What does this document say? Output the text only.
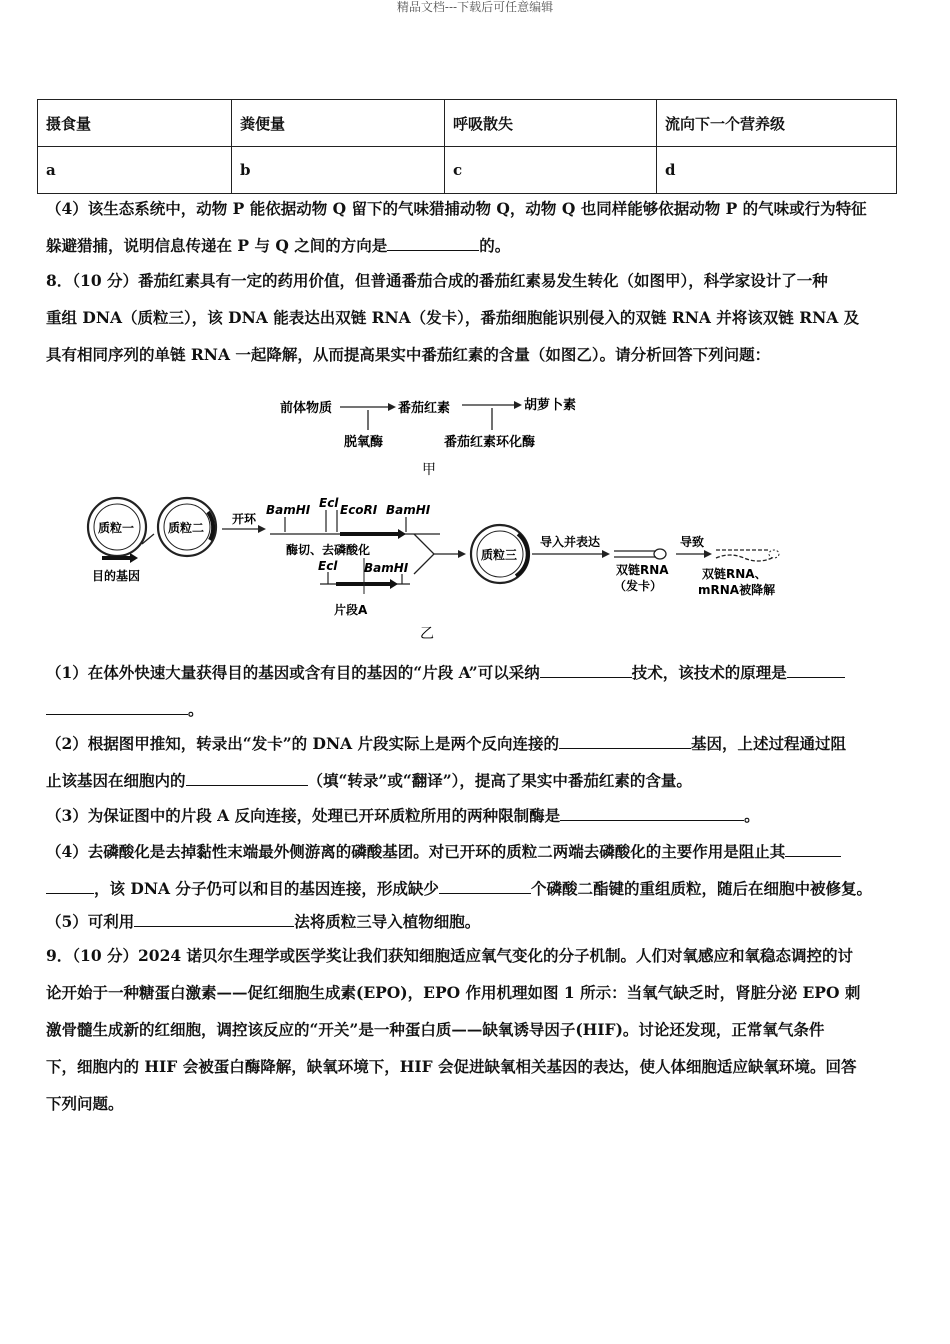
精品文档---下载后可任意编辑
摄食量	粪便量	呼吸散失	流向下一个营养级
a	b	c	d
（4）该生态系统中，动物 P 能依据动物 Q 留下的气味猎捕动物 Q，动物 Q 也同样能够依据动物 P 的气味或行为特征
躲避猎捕，说明信息传递在 P 与 Q 之间的方向是	的。
8．（10 分）番茄红素具有一定的药用价值，但普通番茄合成的番茄红素易发生转化（如图甲），科学家设计了一种
重组 DNA（质粒三），该 DNA 能表达出双链 RNA（发卡），番茄细胞能识别侵入的双链 RNA 并将该双链 RNA 及
具有相同序列的单链 RNA 一起降解，从而提高果实中番茄红素的含量（如图乙）。请分析回答下列问题：
前体物质	番茄红素	胡萝卜素
脱氧酶	番茄红素环化酶
甲
质粒一
目的基因
质粒二
开环
BamHI Ecl EcoRI BamHI
酶切、去磷酸化
Ecl BamHI
片段A
质粒三
导入并表达
双链RNA
（发卡）
导致
双链RNA、
mRNA被降解
乙
（1）在体外快速大量获得目的基因或含有目的基因的“片段 A”可以采纳	技术，该技术的原理是
。
（2）根据图甲推知，转录出“发卡”的 DNA 片段实际上是两个反向连接的	基因，上述过程通过阻
止该基因在细胞内的	（填“转录”或“翻译”），提高了果实中番茄红素的含量。
（3）为保证图中的片段 A 反向连接，处理已开环质粒所用的两种限制酶是	。
（4）去磷酸化是去掉黏性末端最外侧游离的磷酸基团。对已开环的质粒二两端去磷酸化的主要作用是阻止其
，该 DNA 分子仍可以和目的基因连接，形成缺少	个磷酸二酯键的重组质粒，随后在细胞中被修复。
（5）可利用	法将质粒三导入植物细胞。
9．（10 分）2024 诺贝尔生理学或医学奖让我们获知细胞适应氧气变化的分子机制。人们对氧感应和氧稳态调控的讨
论开始于一种糖蛋白激素——促红细胞生成素(EPO)，EPO 作用机理如图 1 所示：当氧气缺乏时，肾脏分泌 EPO 刺
激骨髓生成新的红细胞，调控该反应的“开关”是一种蛋白质——缺氧诱导因子(HIF)。讨论还发现，正常氧气条件
下，细胞内的 HIF 会被蛋白酶降解，缺氧环境下，HIF 会促进缺氧相关基因的表达，使人体细胞适应缺氧环境。回答
下列问题。
